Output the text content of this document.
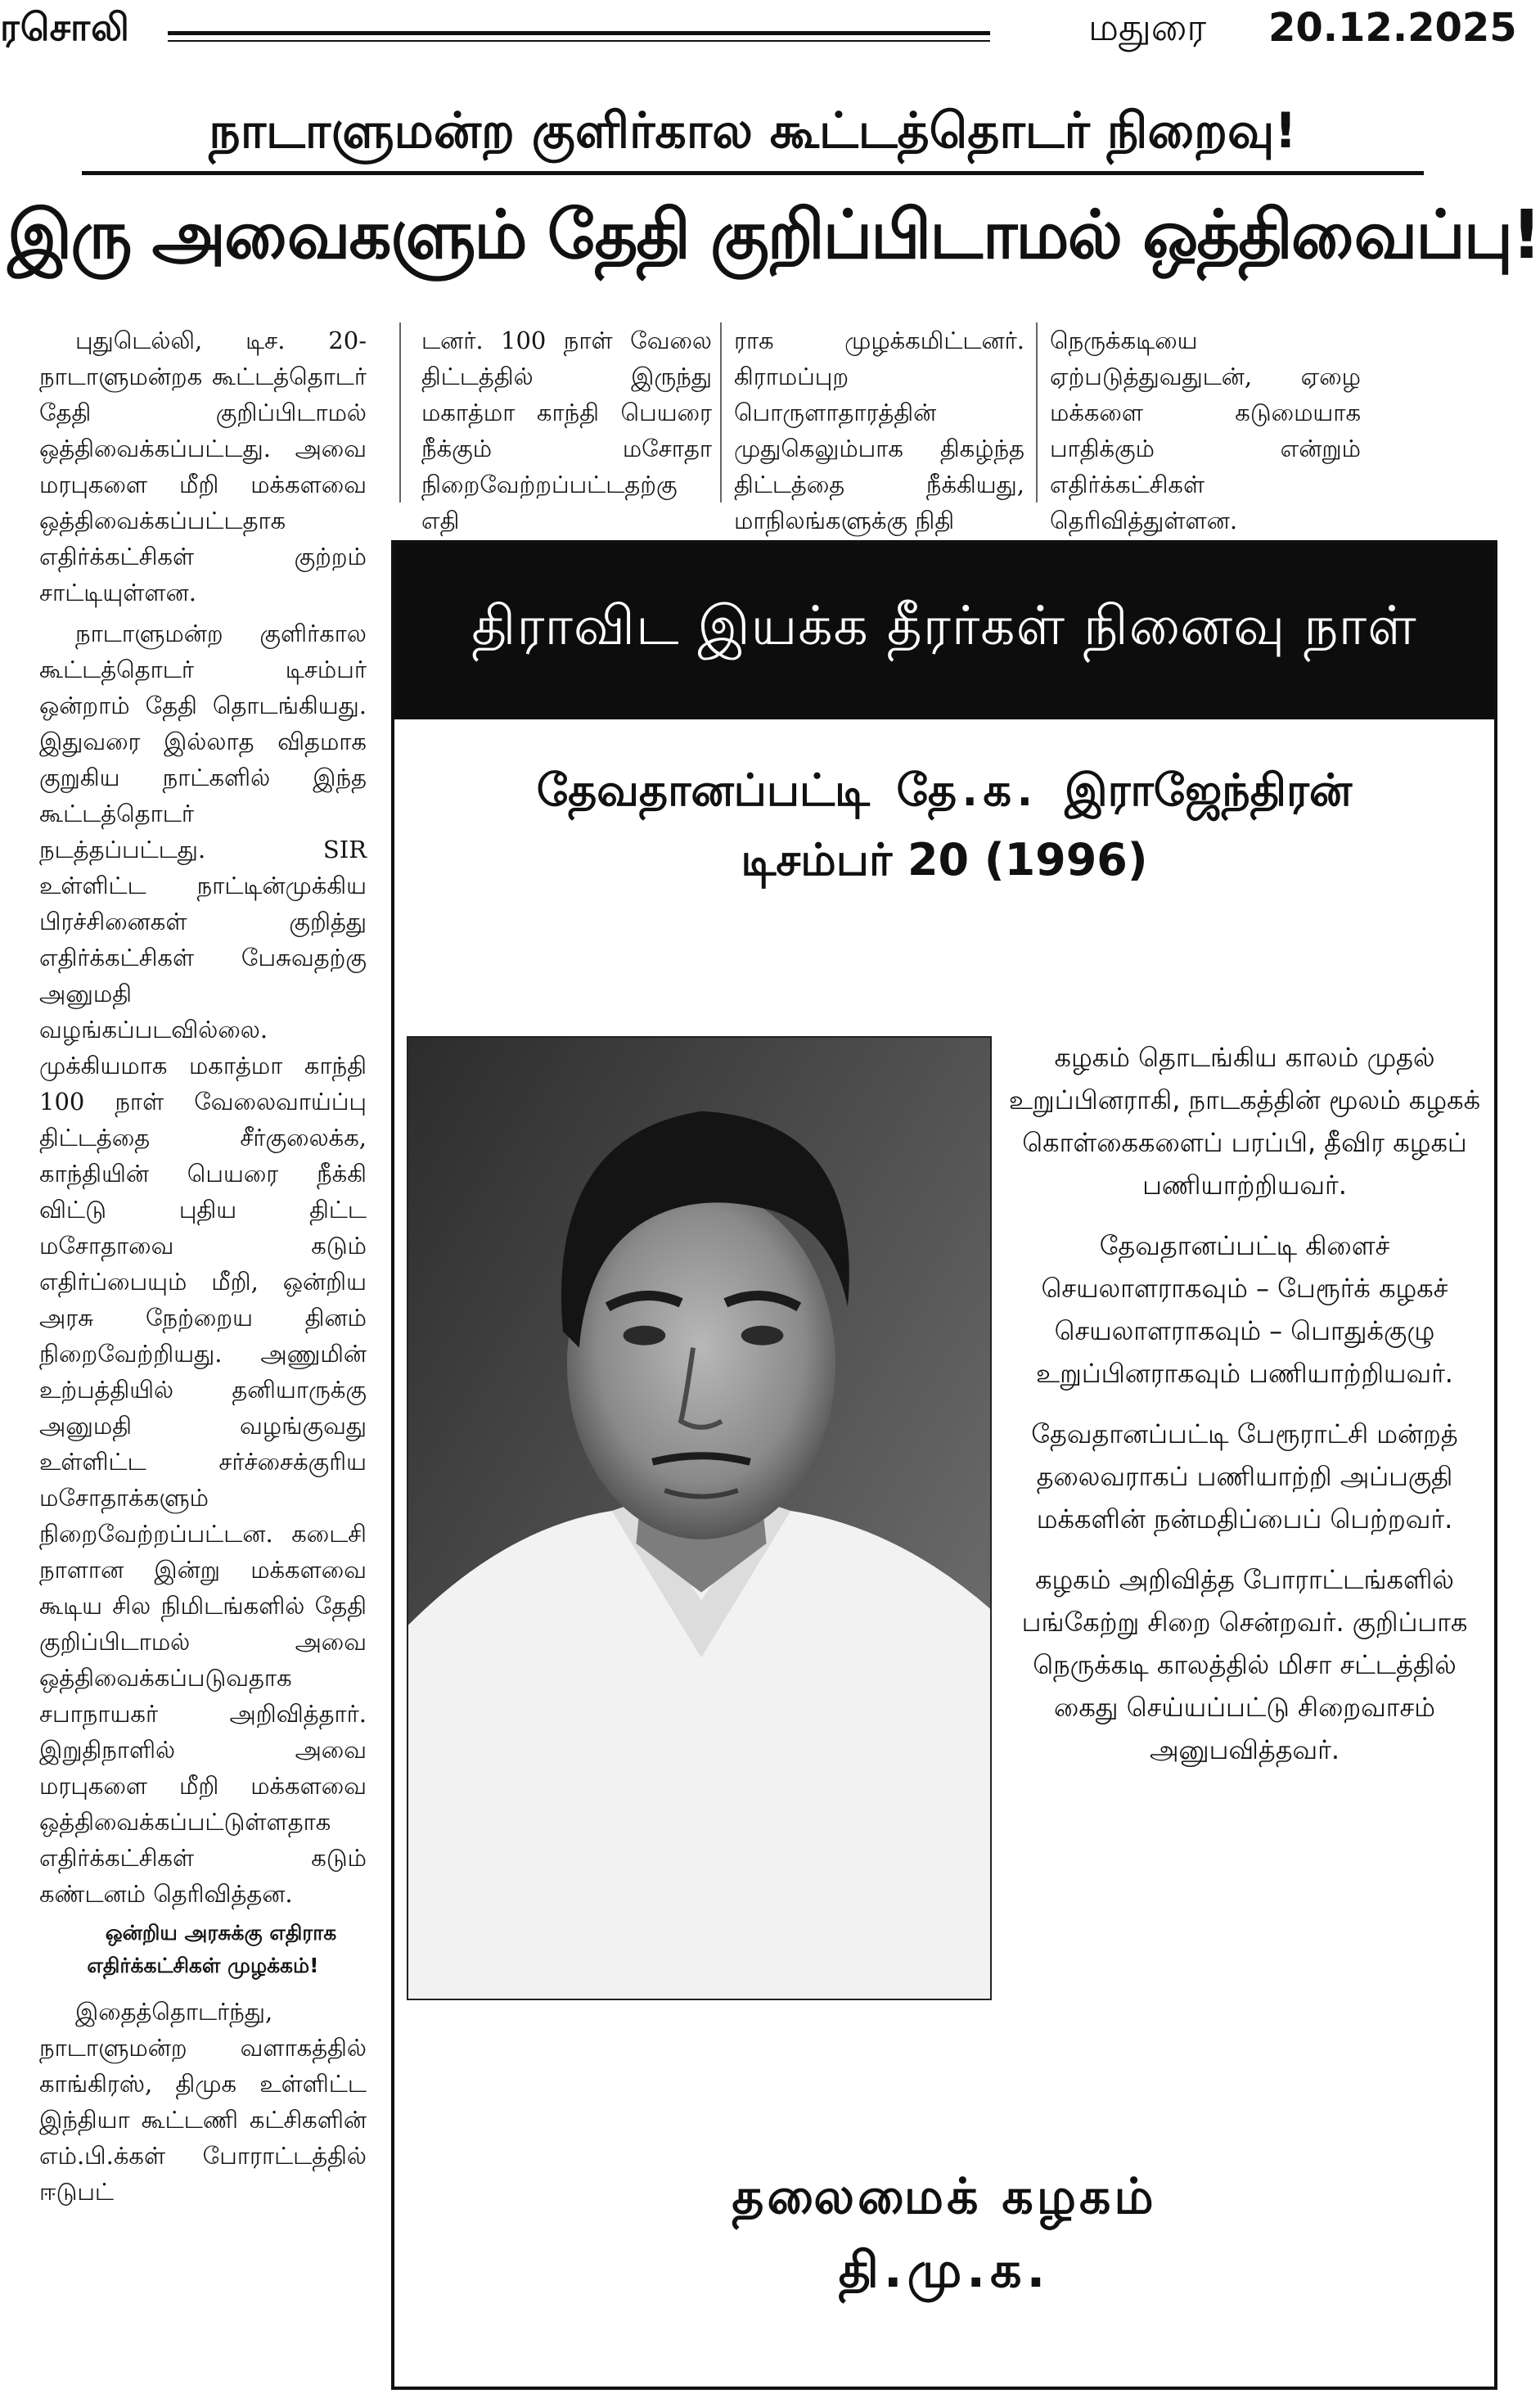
ரசொலி	மதுரை 20.12.2025
நாடாளுமன்ற குளிர்கால கூட்டத்தொடர் நிறைவு!
இரு அவைகளும் தேதி குறிப்பிடாமல் ஒத்திவைப்பு!

புதுடெல்லி, டிச. 20- நாடாளுமன்றக கூட்டத்தொடர் தேதி குறிப்பிடாமல் ஒத்திவைக்கப்பட்டது. அவை மரபுகளை மீறி மக்களவை ஒத்திவைக்கப்பட்டதாக எதிர்க்கட்சிகள் குற்றம் சாட்டியுள்ளன.

நாடாளுமன்ற குளிர்கால கூட்டத்தொடர் டிசம்பர் ஒன்றாம் தேதி தொடங்கியது. இதுவரை இல்லாத விதமாக குறுகிய நாட்களில் இந்த கூட்டத்தொடர் நடத்தப்பட்டது. SIR உள்ளிட்ட நாட்டின்முக்கிய பிரச்சினைகள் குறித்து எதிர்க்கட்சிகள் பேசுவதற்கு அனுமதி வழங்கப்படவில்லை. முக்கியமாக மகாத்மா காந்தி 100 நாள் வேலைவாய்ப்பு திட்டத்தை சீர்குலைக்க, காந்தியின் பெயரை நீக்கி விட்டு புதிய திட்ட மசோதாவை கடும் எதிர்ப்பையும் மீறி, ஒன்றிய அரசு நேற்றைய தினம் நிறைவேற்றியது. அணுமின் உற்பத்தியில் தனியாருக்கு அனுமதி வழங்குவது உள்ளிட்ட சர்ச்சைக்குரிய மசோதாக்களும் நிறைவேற்றப்பட்டன. கடைசி நாளான இன்று மக்களவை கூடிய சில நிமிடங்களில் தேதி குறிப்பிடாமல் அவை ஒத்திவைக்கப்படுவதாக சபாநாயகர் அறிவித்தார். இறுதிநாளில் அவை மரபுகளை மீறி மக்களவை ஒத்திவைக்கப்பட்டுள்ளதாக எதிர்க்கட்சிகள் கடும் கண்டனம் தெரிவித்தன.

ஒன்றிய அரசுக்கு எதிராக எதிர்க்கட்சிகள் முழக்கம்!

இதைத்தொடர்ந்து, நாடாளுமன்ற வளாகத்தில் காங்கிரஸ், திமுக உள்ளிட்ட இந்தியா கூட்டணி கட்சிகளின் எம்.பி.க்கள் போராட்டத்தில் ஈடுபட்

டனர். 100 நாள் வேலை திட்டத்தில் இருந்து மகாத்மா காந்தி பெயரை நீக்கும் மசோதா நிறைவேற்றப்பட்டதற்கு எதி

ராக முழக்கமிட்டனர். கிராமப்புற பொருளாதாரத்தின் முதுகெலும்பாக திகழ்ந்த திட்டத்தை நீக்கியது, மாநிலங்களுக்கு நிதி

நெருக்கடியை ஏற்படுத்துவதுடன், ஏழை மக்களை கடுமையாக பாதிக்கும் என்றும் எதிர்க்கட்சிகள் தெரிவித்துள்ளன.

திராவிட இயக்க தீரர்கள் நினைவு நாள்
தேவதானப்பட்டி தே.க. இராஜேந்திரன்
டிசம்பர் 20 (1996)

கழகம் தொடங்கிய காலம் முதல் உறுப்பினராகி, நாடகத்தின் மூலம் கழகக் கொள்கைகளைப் பரப்பி, தீவிர கழகப் பணியாற்றியவர்.

தேவதானப்பட்டி கிளைச் செயலாளராகவும் – பேரூர்க் கழகச் செயலாளராகவும் – பொதுக்குழு உறுப்பினராகவும் பணியாற்றியவர்.

தேவதானப்பட்டி பேரூராட்சி மன்றத் தலைவராகப் பணியாற்றி அப்பகுதி மக்களின் நன்மதிப்பைப் பெற்றவர்.

கழகம் அறிவித்த போராட்டங்களில் பங்கேற்று சிறை சென்றவர். குறிப்பாக நெருக்கடி காலத்தில் மிசா சட்டத்தில் கைது செய்யப்பட்டு சிறைவாசம் அனுபவித்தவர்.

தலைமைக் கழகம்
தி.மு.க.
